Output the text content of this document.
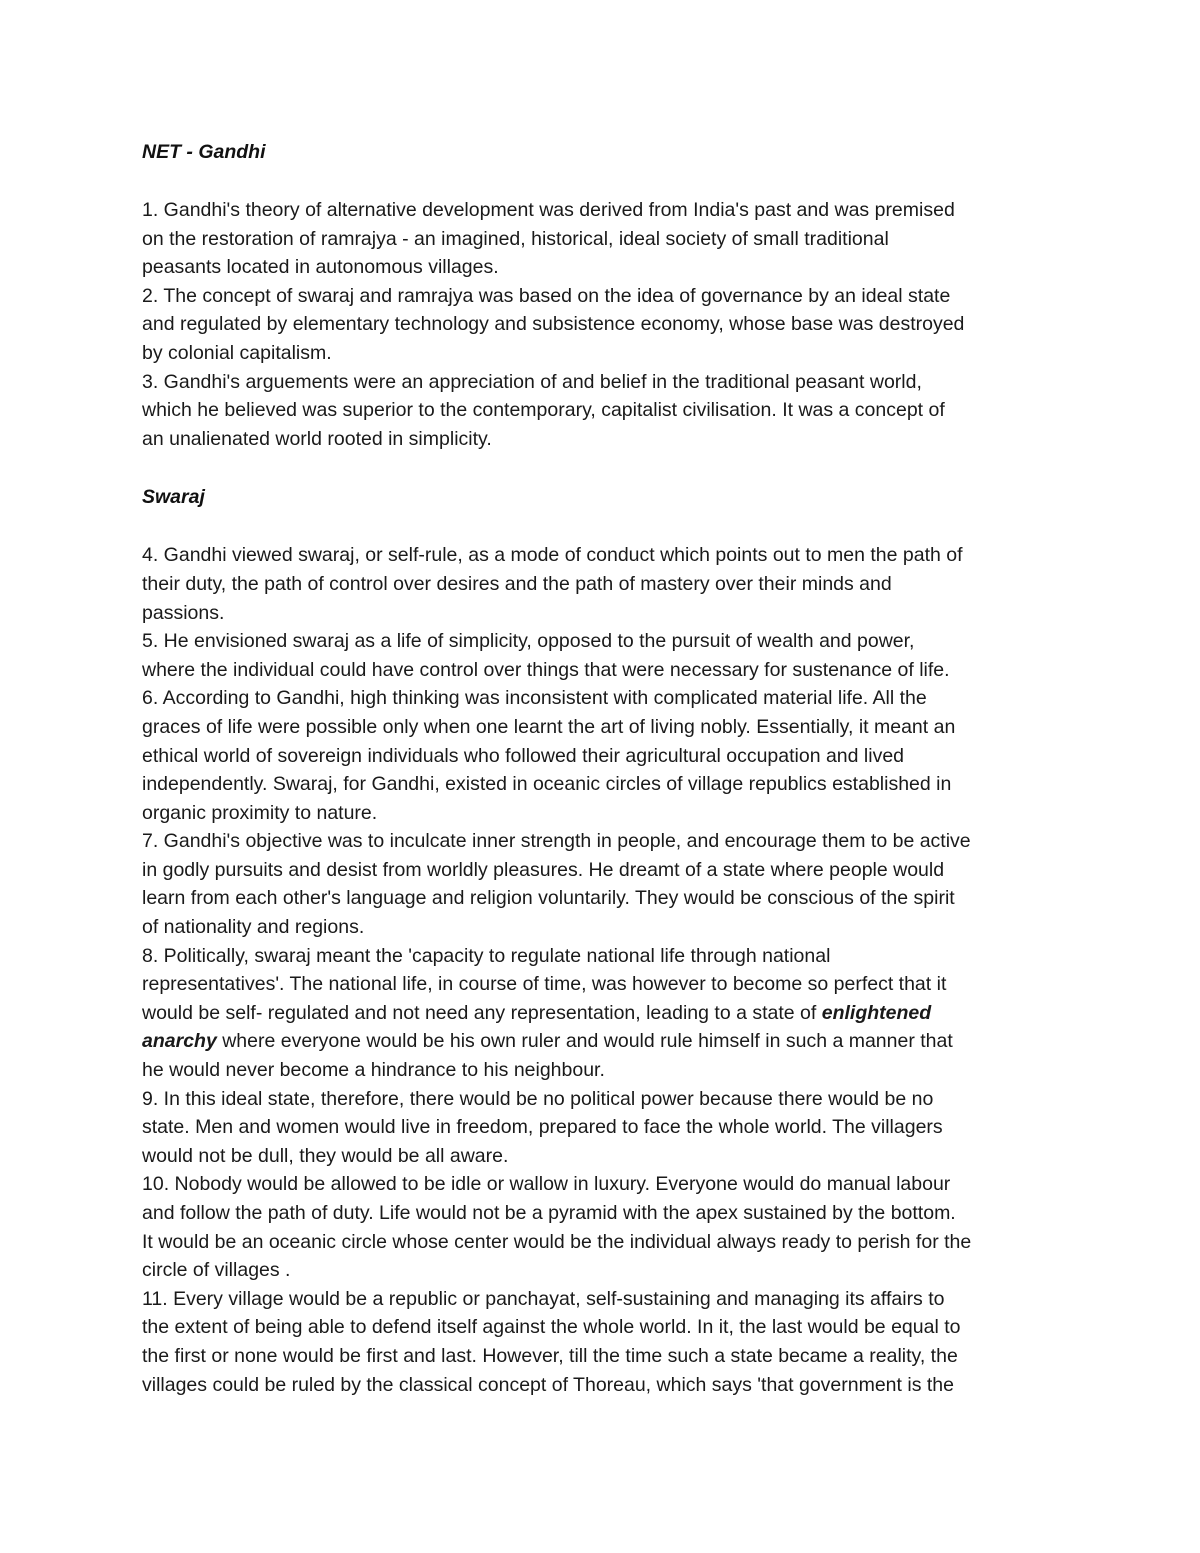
NET - Gandhi

1. Gandhi's theory of alternative development was derived from India's past and was premised
on the restoration of ramrajya - an imagined, historical, ideal society of small traditional
peasants located in autonomous villages.

2. The concept of swaraj and ramrajya was based on the idea of governance by an ideal state
and regulated by elementary technology and subsistence economy, whose base was destroyed
by colonial capitalism.

3. Gandhi's arguements were an appreciation of and belief in the traditional peasant world,
which he believed was superior to the contemporary, capitalist civilisation. It was a concept of
an unalienated world rooted in simplicity.

Swaraj

4. Gandhi viewed swaraj, or self-rule, as a mode of conduct which points out to men the path of
their duty, the path of control over desires and the path of mastery over their minds and
passions.

5. He envisioned swaraj as a life of simplicity, opposed to the pursuit of wealth and power,
where the individual could have control over things that were necessary for sustenance of life.

6. According to Gandhi, high thinking was inconsistent with complicated material life. All the
graces of life were possible only when one learnt the art of living nobly. Essentially, it meant an
ethical world of sovereign individuals who followed their agricultural occupation and lived
independently. Swaraj, for Gandhi, existed in oceanic circles of village republics established in
organic proximity to nature.

7. Gandhi's objective was to inculcate inner strength in people, and encourage them to be active
in godly pursuits and desist from worldly pleasures. He dreamt of a state where people would
learn from each other's language and religion voluntarily. They would be conscious of the spirit
of nationality and regions.

8. Politically, swaraj meant the 'capacity to regulate national life through national
representatives'. The national life, in course of time, was however to become so perfect that it
would be self- regulated and not need any representation, leading to a state of enlightened
anarchy where everyone would be his own ruler and would rule himself in such a manner that
he would never become a hindrance to his neighbour.

9. In this ideal state, therefore, there would be no political power because there would be no
state. Men and women would live in freedom, prepared to face the whole world. The villagers
would not be dull, they would be all aware.

10. Nobody would be allowed to be idle or wallow in luxury. Everyone would do manual labour
and follow the path of duty. Life would not be a pyramid with the apex sustained by the bottom.
It would be an oceanic circle whose center would be the individual always ready to perish for the
circle of villages .

11. Every village would be a republic or panchayat, self-sustaining and managing its affairs to
the extent of being able to defend itself against the whole world. In it, the last would be equal to
the first or none would be first and last. However, till the time such a state became a reality, the
villages could be ruled by the classical concept of Thoreau, which says 'that government is the
